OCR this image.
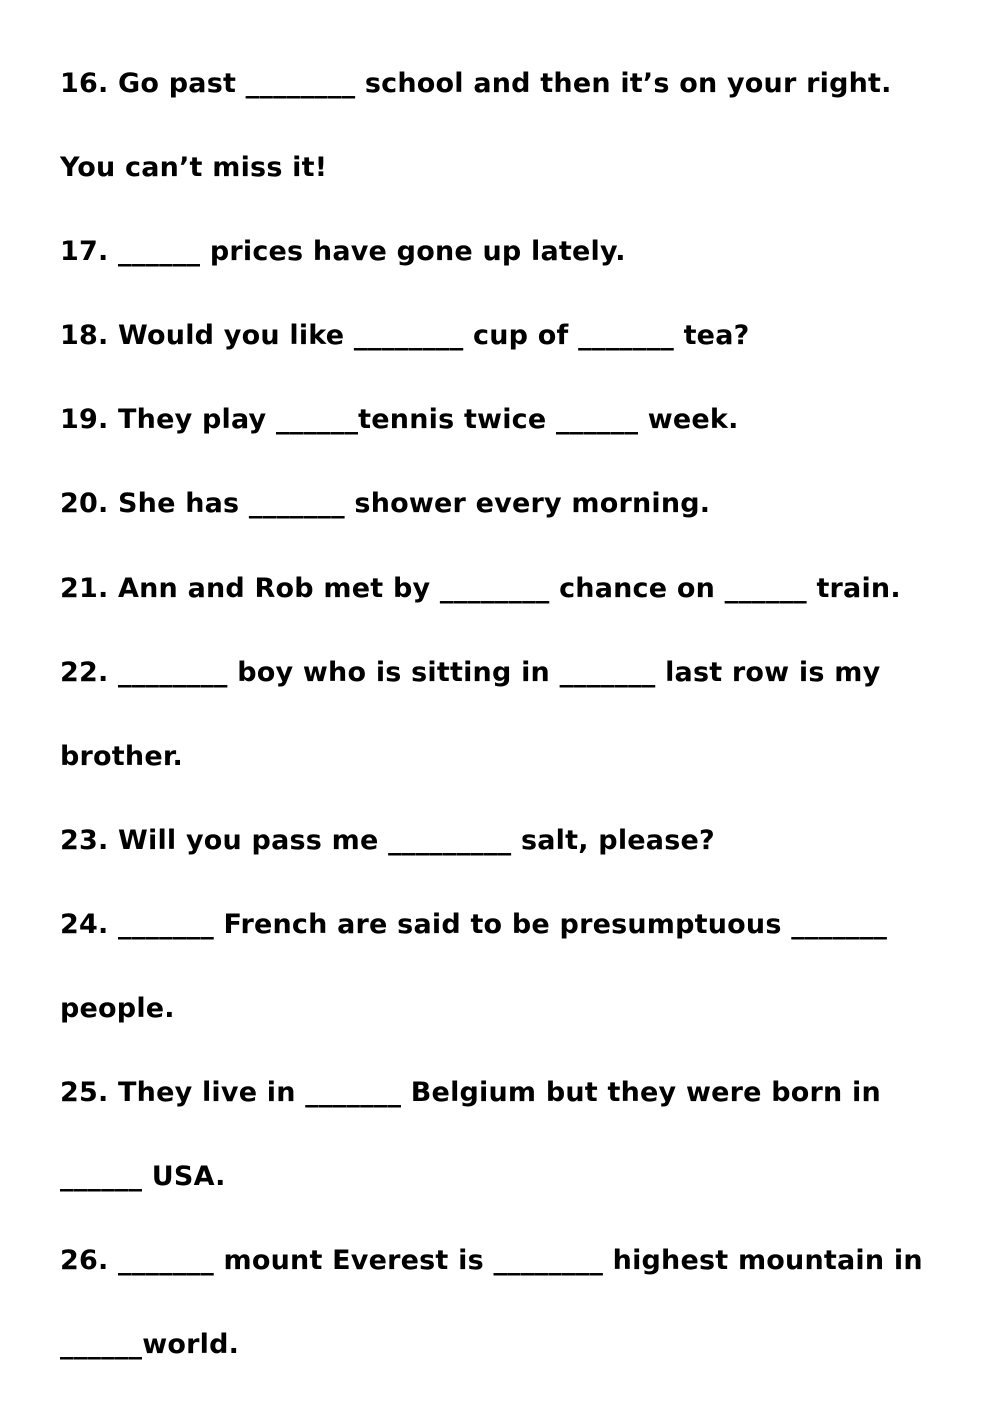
16. Go past ________ school and then it’s on your right.
You can’t miss it!
17. ______ prices have gone up lately.
18. Would you like ________ cup of _______ tea?
19. They play ______tennis twice ______ week.
20. She has _______ shower every morning.
21. Ann and Rob met by ________ chance on ______ train.
22. ________ boy who is sitting in _______ last row is my
brother.
23. Will you pass me _________ salt, please?
24. _______ French are said to be presumptuous _______
people.
25. They live in _______ Belgium but they were born in
______ USA.
26. _______ mount Everest is ________ highest mountain in
______world.
